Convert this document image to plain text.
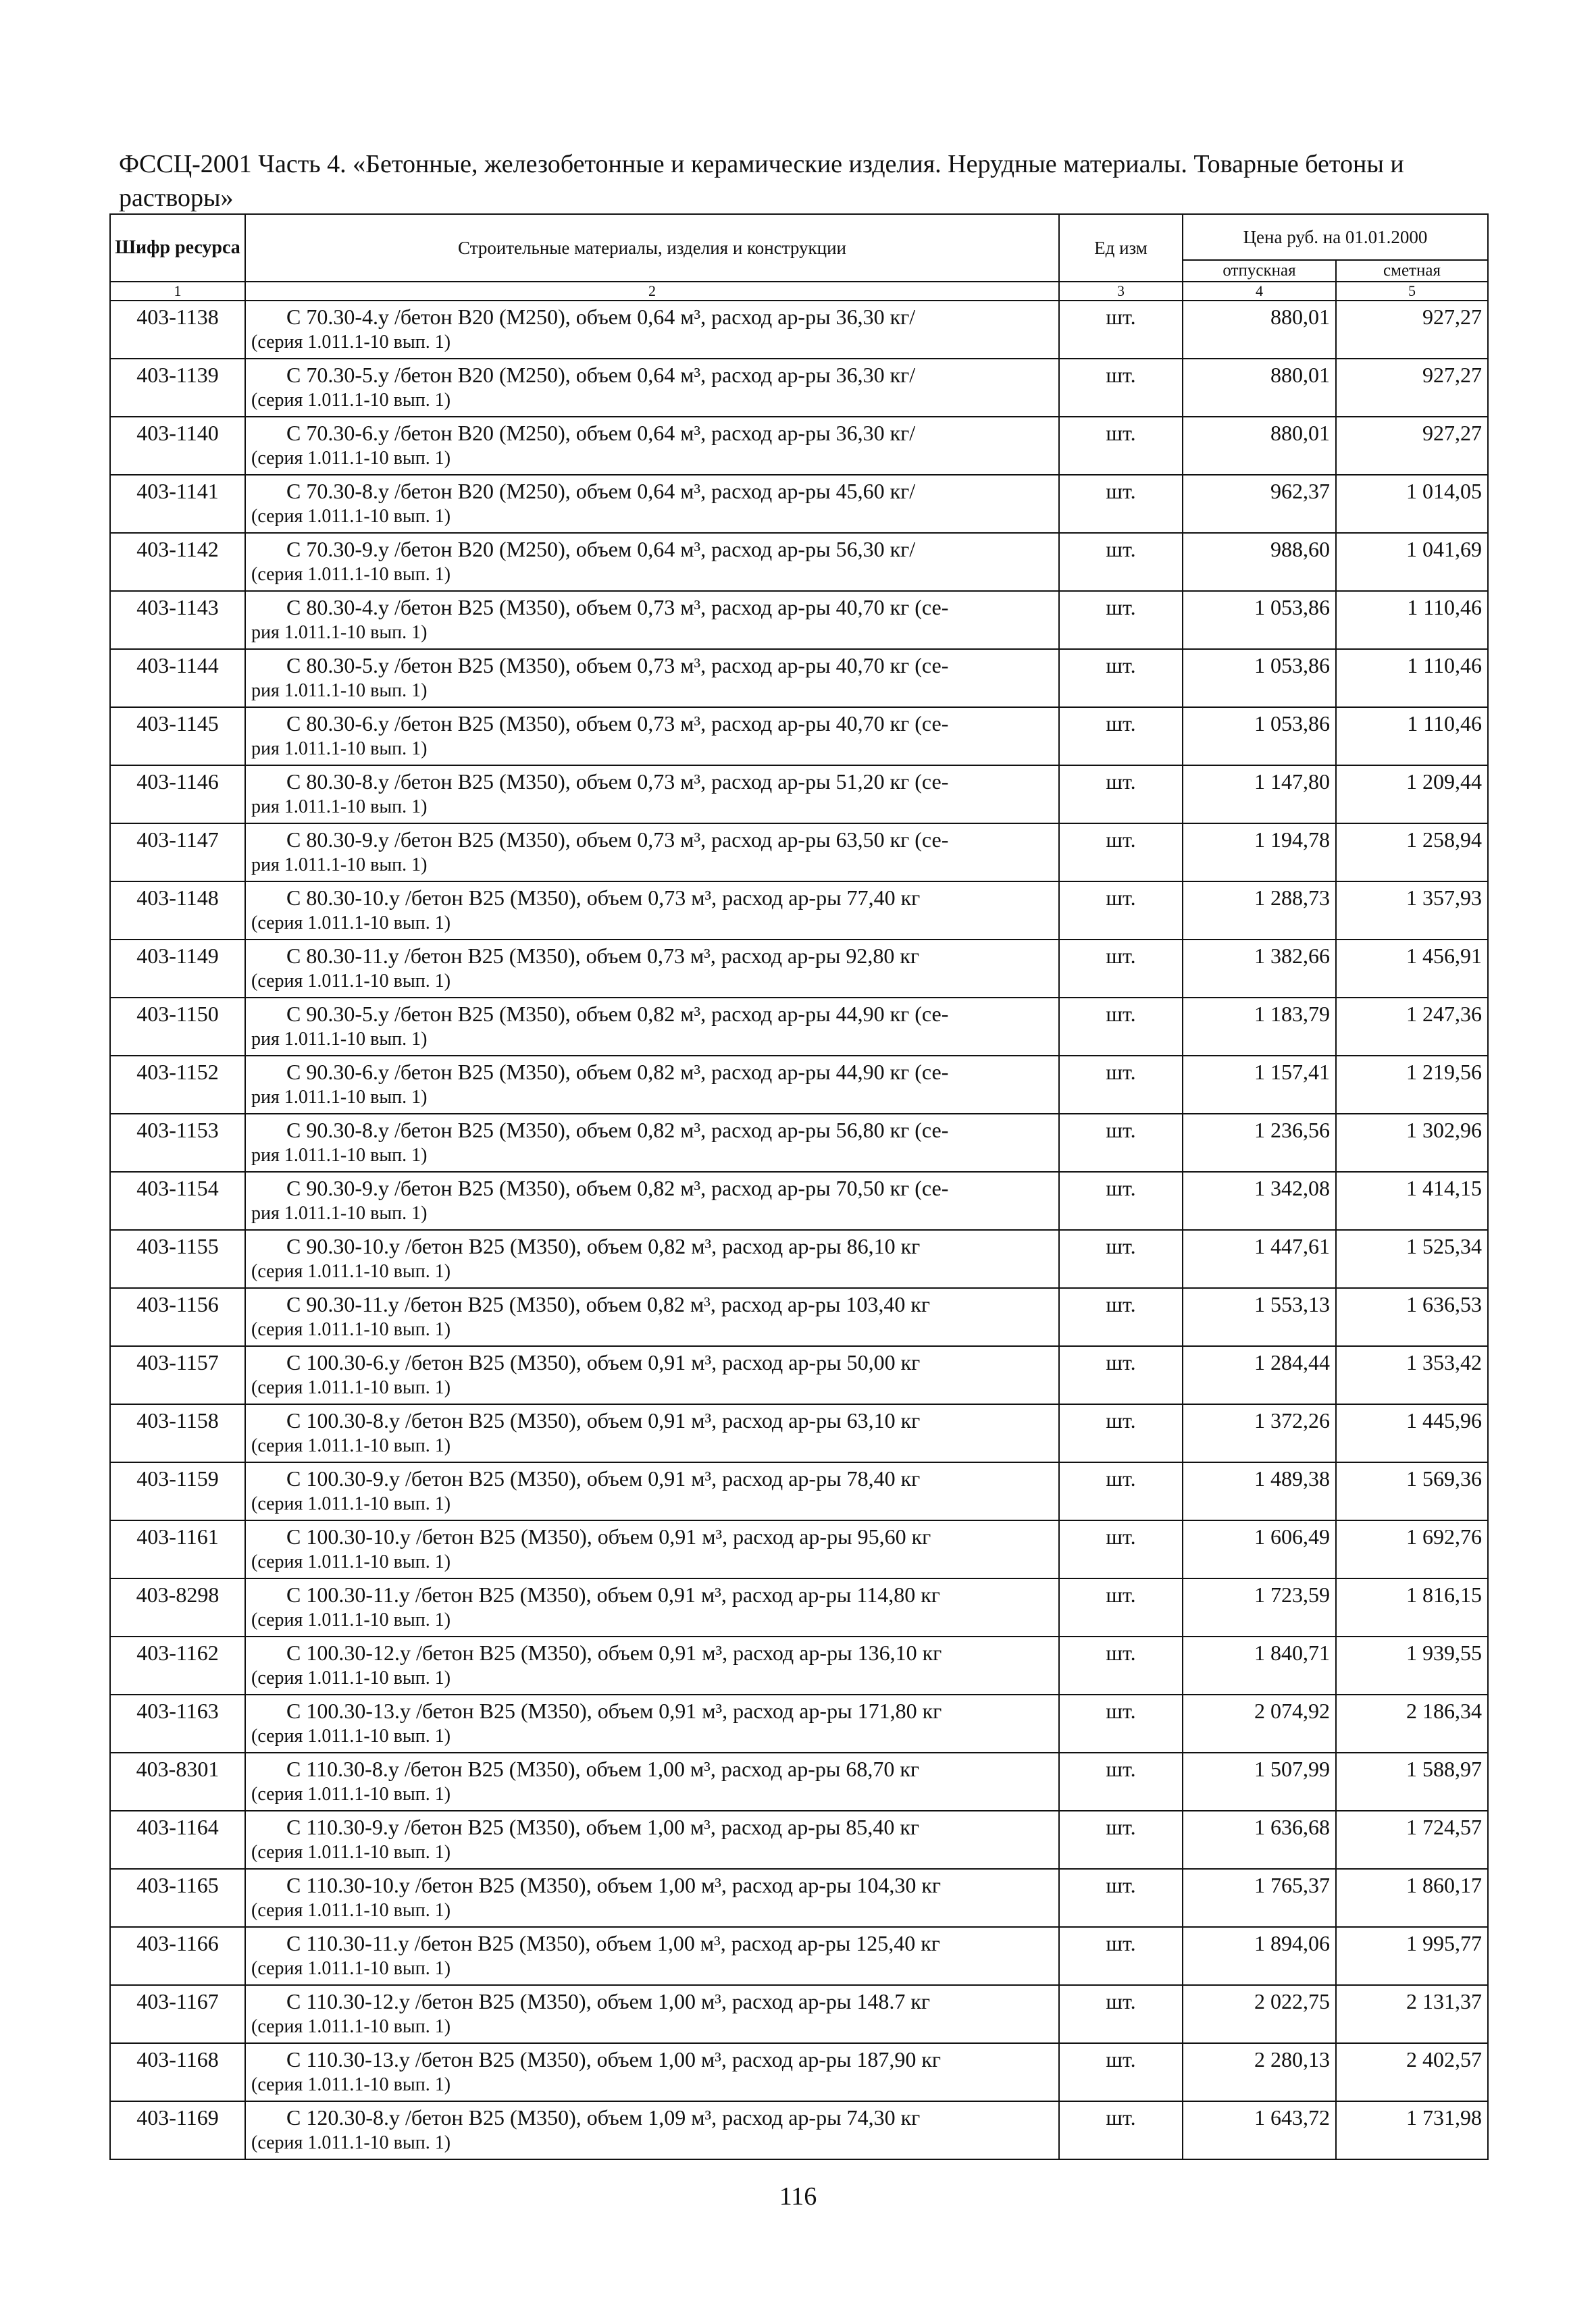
ФССЦ-2001 Часть 4. «Бетонные, железобетонные и керамические изделия. Нерудные материалы. Товарные бетоны и растворы»
Шифр ресурса	Строительные материалы, изделия и конструкции	Ед изм	Цена руб. на 01.01.2000	
			отпускная	сметная
1	2	3	4	5
403-1138	С 70.30-4.у /бетон В20 (М250), объем 0,64 м³, расход ар-ры 36,30 кг/
(серия 1.011.1-10 вып. 1)	шт.	880,01	927,27
403-1139	С 70.30-5.у /бетон В20 (М250), объем 0,64 м³, расход ар-ры 36,30 кг/
(серия 1.011.1-10 вып. 1)	шт.	880,01	927,27
403-1140	С 70.30-6.у /бетон В20 (М250), объем 0,64 м³, расход ар-ры 36,30 кг/
(серия 1.011.1-10 вып. 1)	шт.	880,01	927,27
403-1141	С 70.30-8.у /бетон В20 (М250), объем 0,64 м³, расход ар-ры 45,60 кг/
(серия 1.011.1-10 вып. 1)	шт.	962,37	1 014,05
403-1142	С 70.30-9.у /бетон В20 (М250), объем 0,64 м³, расход ар-ры 56,30 кг/
(серия 1.011.1-10 вып. 1)	шт.	988,60	1 041,69
403-1143	С 80.30-4.у /бетон В25 (М350), объем 0,73 м³, расход ар-ры 40,70 кг (се-
рия 1.011.1-10 вып. 1)	шт.	1 053,86	1 110,46
403-1144	С 80.30-5.у /бетон В25 (М350), объем 0,73 м³, расход ар-ры 40,70 кг (се-
рия 1.011.1-10 вып. 1)	шт.	1 053,86	1 110,46
403-1145	С 80.30-6.у /бетон В25 (М350), объем 0,73 м³, расход ар-ры 40,70 кг (се-
рия 1.011.1-10 вып. 1)	шт.	1 053,86	1 110,46
403-1146	С 80.30-8.у /бетон В25 (М350), объем 0,73 м³, расход ар-ры 51,20 кг (се-
рия 1.011.1-10 вып. 1)	шт.	1 147,80	1 209,44
403-1147	С 80.30-9.у /бетон В25 (М350), объем 0,73 м³, расход ар-ры 63,50 кг (се-
рия 1.011.1-10 вып. 1)	шт.	1 194,78	1 258,94
403-1148	С 80.30-10.у /бетон В25 (М350), объем 0,73 м³, расход ар-ры 77,40 кг
(серия 1.011.1-10 вып. 1)	шт.	1 288,73	1 357,93
403-1149	С 80.30-11.у /бетон В25 (М350), объем 0,73 м³, расход ар-ры 92,80 кг
(серия 1.011.1-10 вып. 1)	шт.	1 382,66	1 456,91
403-1150	С 90.30-5.у /бетон В25 (М350), объем 0,82 м³, расход ар-ры 44,90 кг (се-
рия 1.011.1-10 вып. 1)	шт.	1 183,79	1 247,36
403-1152	С 90.30-6.у /бетон В25 (М350), объем 0,82 м³, расход ар-ры 44,90 кг (се-
рия 1.011.1-10 вып. 1)	шт.	1 157,41	1 219,56
403-1153	С 90.30-8.у /бетон В25 (М350), объем 0,82 м³, расход ар-ры 56,80 кг (се-
рия 1.011.1-10 вып. 1)	шт.	1 236,56	1 302,96
403-1154	С 90.30-9.у /бетон В25 (М350), объем 0,82 м³, расход ар-ры 70,50 кг (се-
рия 1.011.1-10 вып. 1)	шт.	1 342,08	1 414,15
403-1155	С 90.30-10.у /бетон В25 (М350), объем 0,82 м³, расход ар-ры 86,10 кг
(серия 1.011.1-10 вып. 1)	шт.	1 447,61	1 525,34
403-1156	С 90.30-11.у /бетон В25 (М350), объем 0,82 м³, расход ар-ры 103,40 кг
(серия 1.011.1-10 вып. 1)	шт.	1 553,13	1 636,53
403-1157	С 100.30-6.у /бетон В25 (М350), объем 0,91 м³, расход ар-ры 50,00 кг
(серия 1.011.1-10 вып. 1)	шт.	1 284,44	1 353,42
403-1158	С 100.30-8.у /бетон В25 (М350), объем 0,91 м³, расход ар-ры 63,10 кг
(серия 1.011.1-10 вып. 1)	шт.	1 372,26	1 445,96
403-1159	С 100.30-9.у /бетон В25 (М350), объем 0,91 м³, расход ар-ры 78,40 кг
(серия 1.011.1-10 вып. 1)	шт.	1 489,38	1 569,36
403-1161	С 100.30-10.у /бетон В25 (М350), объем 0,91 м³, расход ар-ры 95,60 кг
(серия 1.011.1-10 вып. 1)	шт.	1 606,49	1 692,76
403-8298	С 100.30-11.у /бетон В25 (М350), объем 0,91 м³, расход ар-ры 114,80 кг
(серия 1.011.1-10 вып. 1)	шт.	1 723,59	1 816,15
403-1162	С 100.30-12.у /бетон В25 (М350), объем 0,91 м³, расход ар-ры 136,10 кг
(серия 1.011.1-10 вып. 1)	шт.	1 840,71	1 939,55
403-1163	С 100.30-13.у /бетон В25 (М350), объем 0,91 м³, расход ар-ры 171,80 кг
(серия 1.011.1-10 вып. 1)	шт.	2 074,92	2 186,34
403-8301	С 110.30-8.у /бетон В25 (М350), объем 1,00 м³, расход ар-ры 68,70 кг
(серия 1.011.1-10 вып. 1)	шт.	1 507,99	1 588,97
403-1164	С 110.30-9.у /бетон В25 (М350), объем 1,00 м³, расход ар-ры 85,40 кг
(серия 1.011.1-10 вып. 1)	шт.	1 636,68	1 724,57
403-1165	С 110.30-10.у /бетон В25 (М350), объем 1,00 м³, расход ар-ры 104,30 кг
(серия 1.011.1-10 вып. 1)	шт.	1 765,37	1 860,17
403-1166	С 110.30-11.у /бетон В25 (М350), объем 1,00 м³, расход ар-ры 125,40 кг
(серия 1.011.1-10 вып. 1)	шт.	1 894,06	1 995,77
403-1167	С 110.30-12.у /бетон В25 (М350), объем 1,00 м³, расход ар-ры 148.7 кг
(серия 1.011.1-10 вып. 1)	шт.	2 022,75	2 131,37
403-1168	С 110.30-13.у /бетон В25 (М350), объем 1,00 м³, расход ар-ры 187,90 кг
(серия 1.011.1-10 вып. 1)	шт.	2 280,13	2 402,57
403-1169	С 120.30-8.у /бетон В25 (М350), объем 1,09 м³, расход ар-ры 74,30 кг
(серия 1.011.1-10 вып. 1)	шт.	1 643,72	1 731,98
116
